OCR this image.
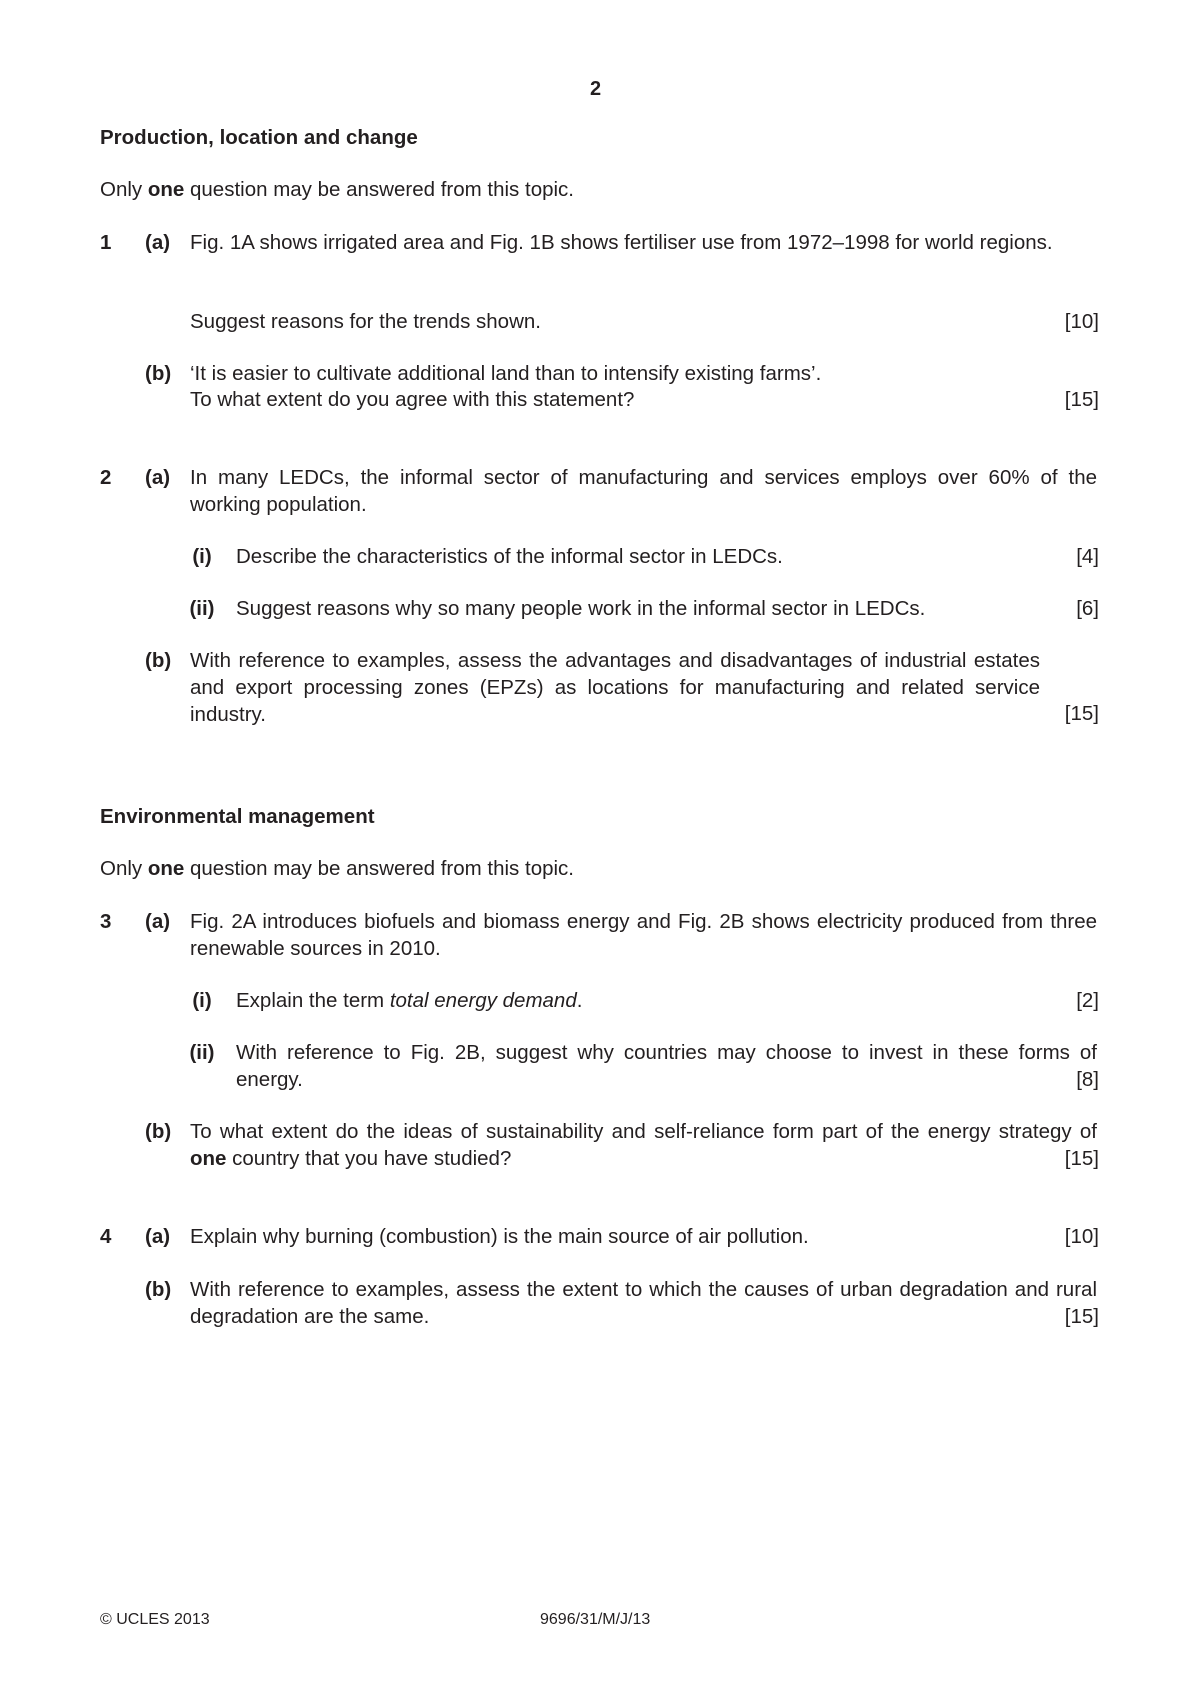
2
Production, location and change
Only one question may be answered from this topic.
1 (a) Fig. 1A shows irrigated area and Fig. 1B shows fertiliser use from 1972–1998 for world regions.
Suggest reasons for the trends shown.	[10]
(b) ‘It is easier to cultivate additional land than to intensify existing farms’.
To what extent do you agree with this statement?	[15]
2 (a) In many LEDCs, the informal sector of manufacturing and services employs over 60% of the working population.
(i)	Describe the characteristics of the informal sector in LEDCs.	[4]
(ii)	Suggest reasons why so many people work in the informal sector in LEDCs.	[6]
(b) With reference to examples, assess the advantages and disadvantages of industrial estates and export processing zones (EPZs) as locations for manufacturing and related service industry.	[15]
Environmental management
Only one question may be answered from this topic.
3 (a) Fig. 2A introduces biofuels and biomass energy and Fig. 2B shows electricity produced from three renewable sources in 2010.
(i)	Explain the term total energy demand.	[2]
(ii)	With reference to Fig. 2B, suggest why countries may choose to invest in these forms of energy.	[8]
(b) To what extent do the ideas of sustainability and self-reliance form part of the energy strategy of one country that you have studied?	[15]
4 (a) Explain why burning (combustion) is the main source of air pollution.	[10]
(b) With reference to examples, assess the extent to which the causes of urban degradation and rural degradation are the same.	[15]
© UCLES 2013	9696/31/M/J/13
